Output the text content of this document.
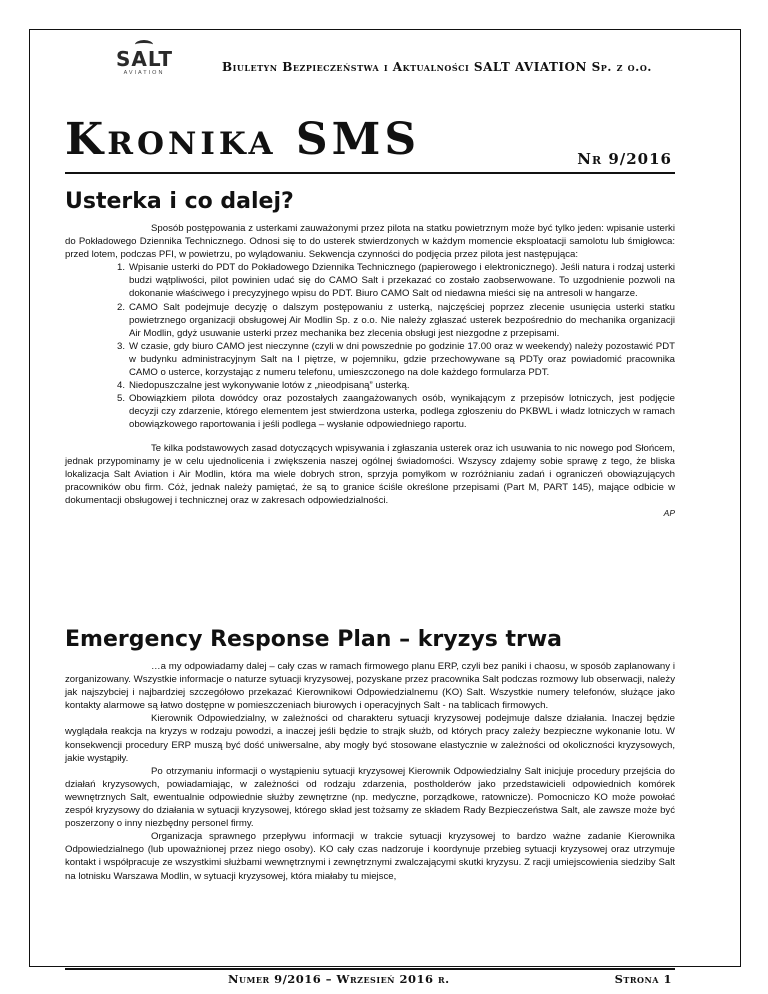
SALT
AVIATION	Biuletyn Bezpieczeństwa i Aktualności SALT AVIATION Sp. z o.o.
Kronika SMS	Nr 9/2016
Usterka i co dalej?

Sposób postępowania z usterkami zauważonymi przez pilota na statku powietrznym może być tylko jeden: wpisanie usterki do Pokładowego Dziennika Technicznego. Odnosi się to do usterek stwierdzonych w każdym momencie eksploatacji samolotu lub śmigłowca: przed lotem, podczas PFI, w powietrzu, po wylądowaniu. Sekwencja czynności do podjęcia przez pilota jest następująca:

1. Wpisanie usterki do PDT do Pokładowego Dziennika Technicznego (papierowego i elektronicznego). Jeśli natura i rodzaj usterki budzi wątpliwości, pilot powinien udać się do CAMO Salt i przekazać co zostało zaobserwowane. To uzgodnienie pozwoli na dokonanie właściwego i precyzyjnego wpisu do PDT. Biuro CAMO Salt od niedawna mieści się na antresoli w hangarze.
2. CAMO Salt podejmuje decyzję o dalszym postępowaniu z usterką, najczęściej poprzez zlecenie usunięcia usterki statku powietrznego organizacji obsługowej Air Modlin Sp. z o.o. Nie należy zgłaszać usterek bezpośrednio do mechanika organizacji Air Modlin, gdyż usuwanie usterki przez mechanika bez zlecenia obsługi jest niezgodne z przepisami.
3. W czasie, gdy biuro CAMO jest nieczynne (czyli w dni powszednie po godzinie 17.00 oraz w weekendy) należy pozostawić PDT w budynku administracyjnym Salt na I piętrze, w pojemniku, gdzie przechowywane są PDTy oraz powiadomić pracownika CAMO o usterce, korzystając z numeru telefonu, umieszczonego na dole każdego formularza PDT.
4. Niedopuszczalne jest wykonywanie lotów z „nieodpisaną” usterką.
5. Obowiązkiem pilota dowódcy oraz pozostałych zaangażowanych osób, wynikającym z przepisów lotniczych, jest podjęcie decyzji czy zdarzenie, którego elementem jest stwierdzona usterka, podlega zgłoszeniu do PKBWL i władz lotniczych w ramach obowiązkowego raportowania i jeśli podlega – wysłanie odpowiedniego raportu.

Te kilka podstawowych zasad dotyczących wpisywania i zgłaszania usterek oraz ich usuwania to nic nowego pod Słońcem, jednak przypominamy je w celu ujednolicenia i zwiększenia naszej ogólnej świadomości. Wszyscy zdajemy sobie sprawę z tego, że bliska lokalizacja Salt Aviation i Air Modlin, która ma wiele dobrych stron, sprzyja pomyłkom w rozróżnianiu zadań i ograniczeń obowiązujących pracowników obu firm. Cóż, jednak należy pamiętać, że są to granice ściśle określone przepisami (Part M, PART 145), mające odbicie w dokumentacji obsługowej i technicznej oraz w zakresach odpowiedzialności.

AP
Emergency Response Plan – kryzys trwa

…a my odpowiadamy dalej – cały czas w ramach firmowego planu ERP, czyli bez paniki i chaosu, w sposób zaplanowany i zorganizowany. Wszystkie informacje o naturze sytuacji kryzysowej, pozyskane przez pracownika Salt podczas rozmowy lub obserwacji, należy jak najszybciej i najbardziej szczegółowo przekazać Kierownikowi Odpowiedzialnemu (KO) Salt. Wszystkie numery telefonów, służące jako kontakty alarmowe są łatwo dostępne w pomieszczeniach biurowych i operacyjnych Salt - na tablicach firmowych.

Kierownik Odpowiedzialny, w zależności od charakteru sytuacji kryzysowej podejmuje dalsze działania. Inaczej będzie wyglądała reakcja na kryzys w rodzaju powodzi, a inaczej jeśli będzie to strajk służb, od których pracy zależy bezpieczne wykonanie lotu. W konsekwencji procedury ERP muszą być dość uniwersalne, aby mogły być stosowane elastycznie w zależności od okoliczności kryzysowych, jakie wystąpiły.

Po otrzymaniu informacji o wystąpieniu sytuacji kryzysowej Kierownik Odpowiedzialny Salt inicjuje procedury przejścia do działań kryzysowych, powiadamiając, w zależności od rodzaju zdarzenia, postholderów jako przedstawicieli odpowiednich komórek wewnętrznych Salt, ewentualnie odpowiednie służby zewnętrzne (np. medyczne, porządkowe, ratownicze). Pomocniczo KO może powołać zespół kryzysowy do działania w sytuacji kryzysowej, którego skład jest tożsamy ze składem Rady Bezpieczeństwa Salt, ale zawsze może być poszerzony o inny niezbędny personel firmy.

Organizacja sprawnego przepływu informacji w trakcie sytuacji kryzysowej to bardzo ważne zadanie Kierownika Odpowiedzialnego (lub upoważnionej przez niego osoby). KO cały czas nadzoruje i koordynuje przebieg sytuacji kryzysowej oraz utrzymuje kontakt i współpracuje ze wszystkimi służbami wewnętrznymi i zewnętrznymi zwalczającymi skutki kryzysu. Z racji umiejscowienia siedziby Salt na lotnisku Warszawa Modlin, w sytuacji kryzysowej, która miałaby tu miejsce,

Numer 9/2016 – Wrzesień 2016 r.	Strona 1
